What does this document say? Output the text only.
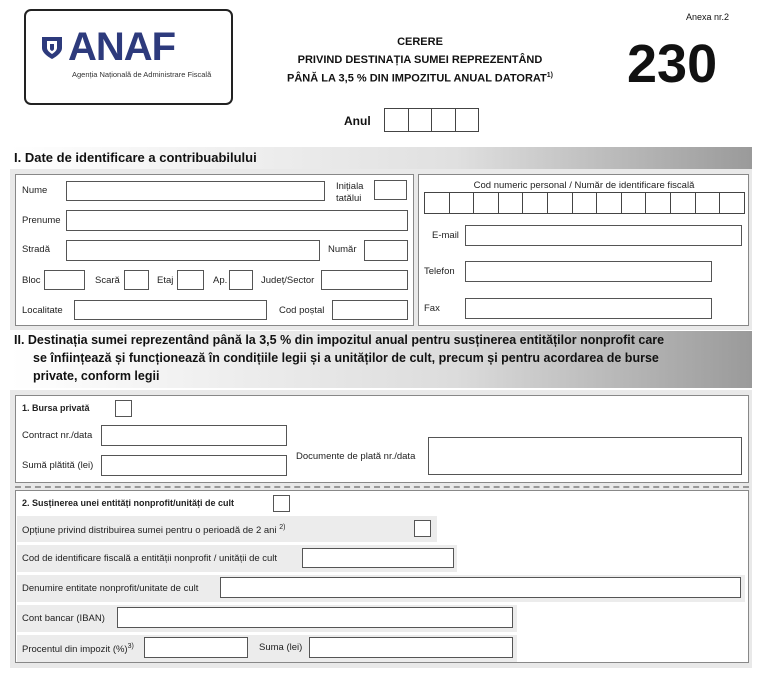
ANAF
Agenția Națională de Administrare Fiscală
CERERE
PRIVIND DESTINAȚIA SUMEI REPREZENTÂND
PÂNĂ LA 3,5 % DIN IMPOZITUL ANUAL DATORAT$^{1)}$
Anexa nr.2
230
Anul
I. Date de identificare a contribuabilului
Nume	Inițiala
tatălui
Prenume
Stradă	Număr
Bloc	Scară	Etaj	Ap.	Județ/Sector
Localitate	Cod poștal
Cod numeric personal / Număr de identificare fiscală
E-mail
Telefon
Fax
II. Destinația sumei reprezentând până la 3,5 % din impozitul anual pentru susținerea entităților nonprofit care
se înființează și funcționează în condițiile legii și a unităților de cult, precum și pentru acordarea de burse
private, conform legii
1. Bursa privată
Contract nr./data
Sumă plătită (lei)
Documente de plată nr./data
2. Susținerea unei entități nonprofit/unități de cult
Opțiune privind distribuirea sumei pentru o perioadă de 2 ani $^{2)}$
Cod de identificare fiscală a entității nonprofit / unității de cult
Denumire entitate nonprofit/unitate de cult
Cont bancar (IBAN)
Procentul din impozit (%)$^{3)}$	Suma (lei)
